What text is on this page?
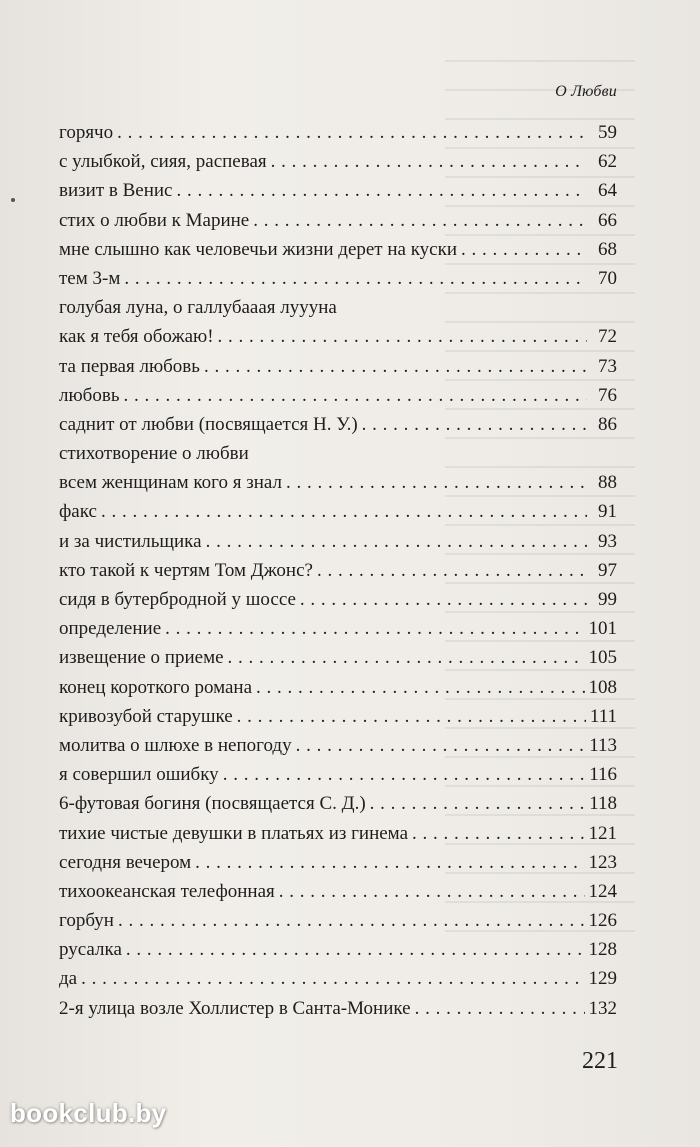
О Любви
горячо . . .	59
с улыбкой, сияя, распевая . . .	62
визит в Венис . . .	64
стих о любви к Марине . . .	66
мне слышно как человечьи жизни дерет на куски . . .	68
тем 3-м . . .	70
голубая луна, о галлубааая луууна
как я тебя обожаю! . . .	72
та первая любовь . . .	73
любовь . . .	76
саднит от любви (посвящается Н. У.) . . .	86
стихотворение о любви
всем женщинам кого я знал . . .	88
факс . . .	91
и за чистильщика . . .	93
кто такой к чертям Том Джонс? . . .	97
сидя в бутербродной у шоссе . . .	99
определение . . .	101
извещение о приеме . . .	105
конец короткого романа . . .	108
кривозубой старушке . . .	111
молитва о шлюхе в непогоду . . .	113
я совершил ошибку . . .	116
6-футовая богиня (посвящается С. Д.) . . .	118
тихие чистые девушки в платьях из гинема . . .	121
сегодня вечером . . .	123
тихоокеанская телефонная . . .	124
горбун . . .	126
русалка . . .	128
да . . .	129
2-я улица возле Холлистер в Санта-Монике . . .	132
221
bookclub.by
